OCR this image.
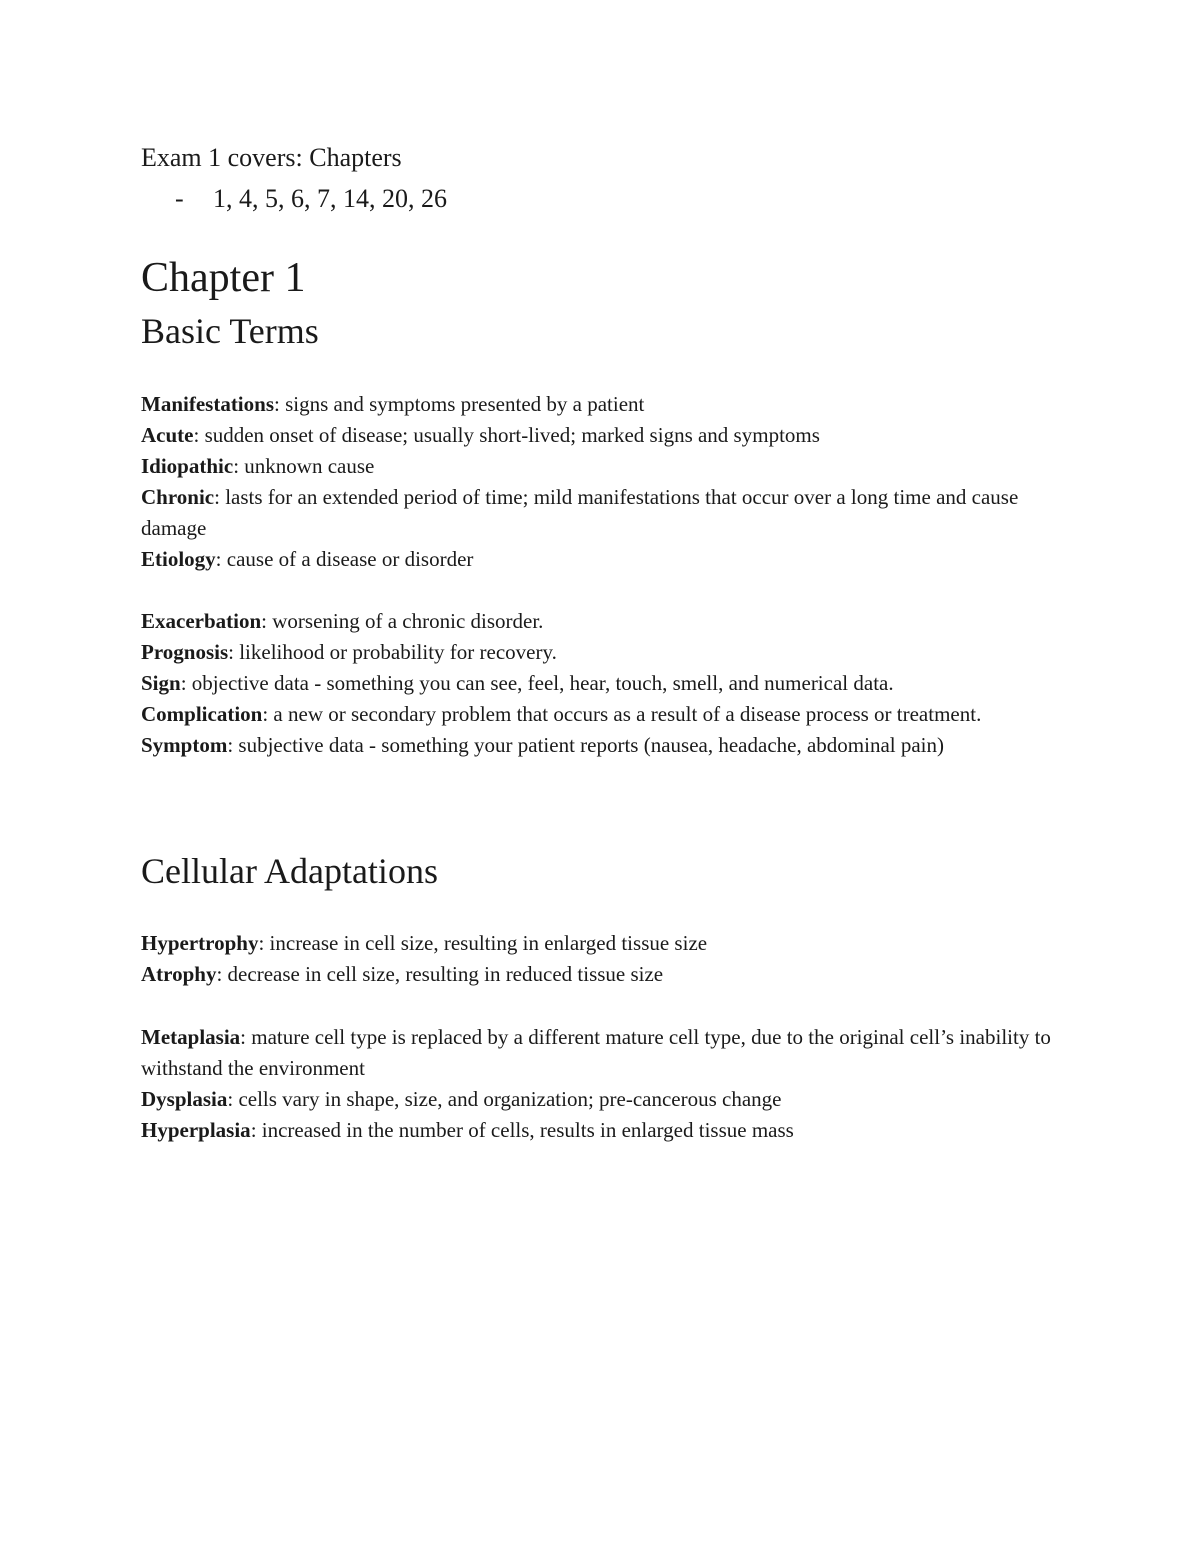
Exam 1 covers: Chapters
- 1, 4, 5, 6, 7, 14, 20, 26
Chapter 1
Basic Terms

Manifestations: signs and symptoms presented by a patient

Acute: sudden onset of disease; usually short-lived; marked signs and symptoms

Idiopathic: unknown cause

Chronic: lasts for an extended period of time; mild manifestations that occur over a long time and cause damage

Etiology: cause of a disease or disorder

Exacerbation: worsening of a chronic disorder.

Prognosis: likelihood or probability for recovery.

Sign: objective data - something you can see, feel, hear, touch, smell, and numerical data.

Complication: a new or secondary problem that occurs as a result of a disease process or treatment.

Symptom: subjective data - something your patient reports (nausea, headache, abdominal pain)

Cellular Adaptations

Hypertrophy: increase in cell size, resulting in enlarged tissue size

Atrophy: decrease in cell size, resulting in reduced tissue size

Metaplasia: mature cell type is replaced by a different mature cell type, due to the original cell’s inability to withstand the environment

Dysplasia: cells vary in shape, size, and organization; pre-cancerous change

Hyperplasia: increased in the number of cells, results in enlarged tissue mass
